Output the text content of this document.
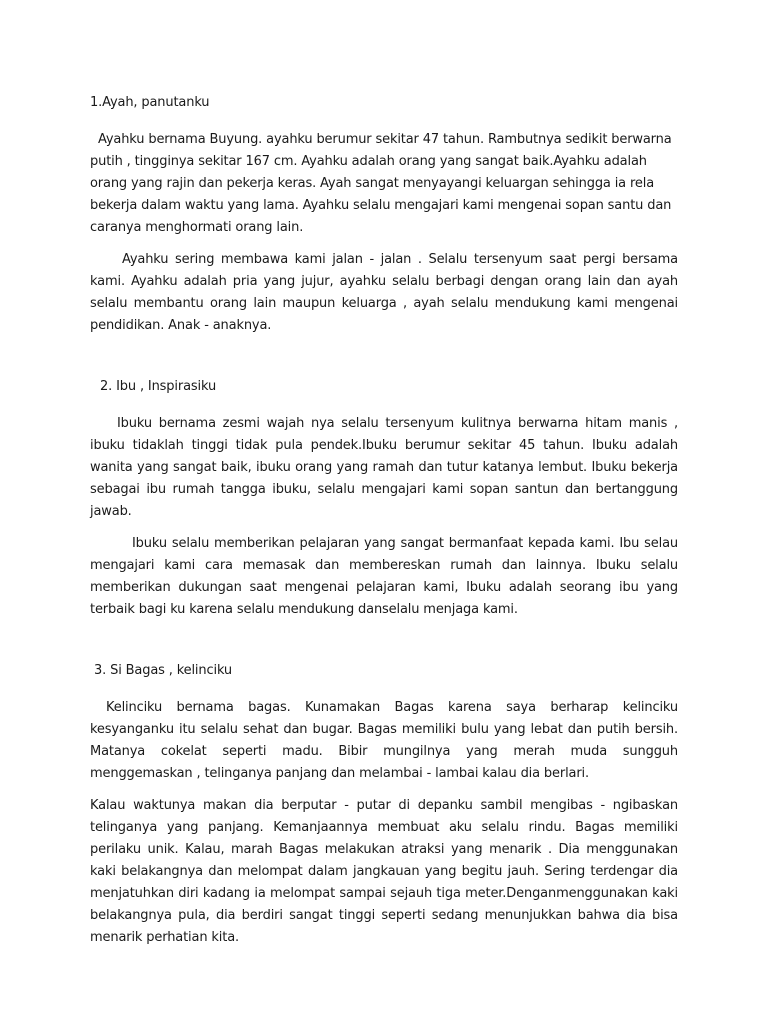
1.Ayah, panutanku

Ayahku bernama Buyung. ayahku berumur sekitar 47 tahun. Rambutnya sedikit berwarna putih , tingginya sekitar 167 cm. Ayahku adalah orang yang sangat baik.Ayahku adalah orang yang rajin dan pekerja keras. Ayah sangat menyayangi keluargan sehingga ia rela bekerja dalam waktu yang lama. Ayahku selalu mengajari kami mengenai sopan santu dan caranya menghormati orang lain.

Ayahku sering membawa kami jalan - jalan . Selalu tersenyum saat pergi bersama kami. Ayahku adalah pria yang jujur, ayahku selalu berbagi dengan orang lain dan ayah selalu membantu orang lain maupun keluarga , ayah selalu mendukung kami mengenai pendidikan. Anak - anaknya.

2. Ibu , Inspirasiku

Ibuku bernama zesmi wajah nya selalu tersenyum kulitnya berwarna hitam manis , ibuku tidaklah tinggi tidak pula pendek.Ibuku berumur sekitar 45 tahun. Ibuku adalah wanita yang sangat baik, ibuku orang yang ramah dan tutur katanya lembut. Ibuku bekerja sebagai ibu rumah tangga ibuku, selalu mengajari kami sopan santun dan bertanggung jawab.

Ibuku selalu memberikan pelajaran yang sangat bermanfaat kepada kami. Ibu selau mengajari kami cara memasak dan membereskan rumah dan lainnya. Ibuku selalu memberikan dukungan saat mengenai pelajaran kami, Ibuku adalah seorang ibu yang terbaik bagi ku karena selalu mendukung danselalu menjaga kami.

3. Si Bagas , kelinciku

Kelinciku bernama bagas. Kunamakan Bagas karena saya berharap kelinciku kesyanganku itu selalu sehat dan bugar. Bagas memiliki bulu yang lebat dan putih bersih. Matanya cokelat seperti madu. Bibir mungilnya yang merah muda sungguh menggemaskan , telinganya panjang dan melambai - lambai kalau dia berlari.

Kalau waktunya makan dia berputar - putar di depanku sambil mengibas - ngibaskan telinganya yang panjang. Kemanjaannya membuat aku selalu rindu. Bagas memiliki perilaku unik. Kalau, marah Bagas melakukan atraksi yang menarik . Dia menggunakan kaki belakangnya dan melompat dalam jangkauan yang begitu jauh. Sering terdengar dia menjatuhkan diri kadang ia melompat sampai sejauh tiga meter.Denganmenggunakan kaki belakangnya pula, dia berdiri sangat tinggi seperti sedang menunjukkan bahwa dia bisa menarik perhatian kita.
